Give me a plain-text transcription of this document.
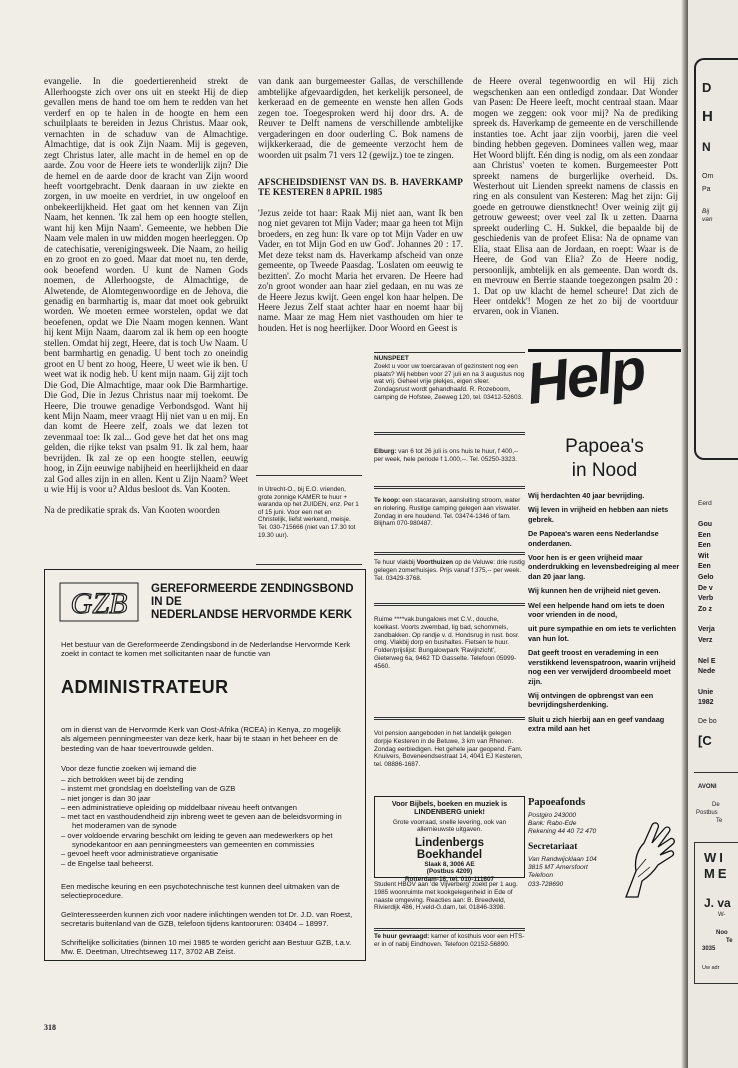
evangelie. In die goedertierenheid strekt de Allerhoogste zich over ons uit en steekt Hij de diep gevallen mens de hand toe om hem te redden van het verderf en op te halen in de hoogte en hem een schuilplaats te bereiden in Jezus Christus. Maar ook, vernachten in de schaduw van de Almachtige. Almachtige, dat is ook Zijn Naam. Mij is gegeven, zegt Christus later, alle macht in de hemel en op de aarde. Zou voor de Heere iets te wonderlijk zijn? Die de hemel en de aarde door de kracht van Zijn woord heeft voortgebracht. Denk daaraan in uw ziekte en zorgen, in uw moeite en verdriet, in uw ongeloof en onbekeerlijkheid. Het gaat om het kennen van Zijn Naam, het kennen. 'Ik zal hem op een hoogte stellen, want hij ken Mijn Naam'. Gemeente, we hebben Die Naam vele malen in uw midden mogen heerleggen. Op de catechisatie, verenigingsweek. Die Naam, zo heilig en zo groot en zo goed. Maar dat moet nu, ten derde, ook beoefend worden. U kunt de Namen Gods noemen, de Allerhoogste, de Almachtige, de Alwetende, de Alomtegenwoordige en de Jehova, die genadig en barmhartig is, maar dat moet ook gebruikt worden. We moeten ermee worstelen, opdat we dat beoefenen, opdat we Die Naam mogen kennen. Want hij kent Mijn Naam, daarom zal ik hem op een hoogte stellen. Omdat hij zegt, Heere, dat is toch Uw Naam. U bent barmhartig en genadig. U bent toch zo oneindig groot en U bent zo hoog, Heere, U weet wie ik ben. U weet wat ik nodig heb. U kent mijn naam. Gij zijt toch Die God, Die Almachtige, maar ook Die Barmhartige. Die God, Die in Jezus Christus naar mij toekomt. De Heere, Die trouwe genadige Verbondsgod. Want hij kent Mijn Naam, meer vraagt Hij niet van u en mij. En dan komt de Heere zelf, zoals we dat lezen tot zevenmaal toe: Ik zal... God geve het dat het ons mag gelden, die rijke tekst van psalm 91. Ik zal hem, haar bevrijden. Ik zal ze op een hoogte stellen, eeuwig hoog, in Zijn eeuwige nabijheid en heerlijkheid en daar zal God alles zijn in en allen. Kent u Zijn Naam? Weet u wie Hij is voor u? Aldus besloot ds. Van Kooten.

Na de predikatie sprak ds. Van Kooten woorden

van dank aan burgemeester Gallas, de verschillende ambtelijke afgevaardigden, het kerkelijk personeel, de kerkeraad en de gemeente en wenste hen allen Gods zegen toe. Toegesproken werd hij door drs. A. de Reuver te Delft namens de verschillende ambtelijke vergaderingen en door ouderling C. Bok namens de wijkkerkeraad, die de gemeente verzocht hem de woorden uit psalm 71 vers 12 (gewijz.) toe te zingen.

AFSCHEIDSDIENST VAN DS. B. HAVERKAMP TE KESTEREN 8 APRIL 1985

'Jezus zeide tot haar: Raak Mij niet aan, want Ik ben nog niet gevaren tot Mijn Vader; maar ga heen tot Mijn broeders, en zeg hun: Ik vare op tot Mijn Vader en uw Vader, en tot Mijn God en uw God'. Johannes 20 : 17. Met deze tekst nam ds. Haverkamp afscheid van onze gemeente, op Tweede Paasdag. 'Loslaten om eeuwig te bezitten'. Zo mocht Maria het ervaren. De Heere had zo'n groot wonder aan haar ziel gedaan, en nu was ze de Heere Jezus kwijt. Geen engel kon haar helpen. De Heere Jezus Zelf staat achter haar en noemt haar bij name. Maar ze mag Hem niet vasthouden om hier te houden. Het is nog heerlijker. Door Woord en Geest is

de Heere overal tegenwoordig en wil Hij zich wegschenken aan een ontledigd zondaar. Dat Wonder van Pasen: De Heere leeft, mocht centraal staan. Maar mogen we zeggen: ook voor mij? Na de prediking spreek ds. Haverkamp de gemeente en de verschillende instanties toe. Acht jaar zijn voorbij, jaren die veel binding hebben gegeven. Dominees vallen weg, maar Het Woord blijft. Eén ding is nodig, om als een zondaar aan Christus' voeten te komen. Burgemeester Pott spreekt namens de burgerlijke overheid. Ds. Westerhout uit Lienden spreekt namens de classis en ring en als consulent van Kesteren: Mag het zijn: Gij goede en getrouwe dienstknecht! Over weinig zijt gij getrouw geweest; over veel zal Ik u zetten. Daarna spreekt ouderling C. H. Sukkel, die bepaalde bij de geschiedenis van de profeet Elisa: Na de opname van Elia, staat Elisa aan de Jordaan, en roept: Waar is de Heere, de God van Elia? Zo de Heere nodig, persoonlijk, ambtelijk en als gemeente. Dan wordt ds. en mevrouw en Berrie staande toegezongen psalm 20 : 1. Dat op uw klacht de hemel scheure! Dat zich de Heer ontdekk'! Mogen ze het zo bij de voortduur ervaren, ook in Vianen.

In Utrecht-O., bij E.O. vrienden, grote zonnige KAMER te huur + waranda op het ZUIDEN, enz. Per 1 of 15 juni. Voor een net en Christelijk, liefst werkend, meisje. Tel. 030-715666 (niet van 17.30 tot 19.30 uur).
NUNSPEET
Zoekt u voor uw toercaravan of gezinstent nog een plaats? Wij hebben voor 27 juli en na 3 augustus nog wat vrij. Geheel vrije plekjes, eigen sfeer. Zondagsrust wordt gehandhaafd. R. Rozeboom, camping de Hofstee, Zeeweg 120, tel. 03412-52603.
Elburg: van 6 tot 26 juli is ons huis te huur, f 400,-- per week, hele periode f 1.000,--. Tel. 05250-3323.
Te koop: een stacaravan, aansluiting stroom, water en riolering. Rustige camping gelegen aan viswater. Zondag in ere houdend. Tel. 03474-1346 of fam. Blijham 070-980487.
Te huur vlakbij Voorthuizen op de Veluwe: drie rustig gelegen zomerhuisjes. Prijs vanaf f 375,-- per week. Tel. 03429-3768.
Ruime ****vak.bungalows met C.V., douche, koelkast. Voorts zwembad, lig bad, schommels, zandbakken. Op randje v. d. Hondsrug in rust. bosr. omg. Vlakbij dorp en bushaltes. Fietsen te huur. Folder/prijslijst: Bungalowpark 'Ravijnzicht', Gieterweg 6a, 9462 TD Gasselte. Telefoon 05999-4560.
Vol pension aangeboden in het landelijk gelegen dorpje Kesteren in de Betuwe, 3 km van Rhenen. Zondag eerbiedigen. Het gehele jaar geopend. Fam. Knuivers, Boveneendsestraat 14, 4041 EJ Kesteren, tel. 08886-1687.
Voor Bijbels, boeken en muziek is LINDENBERG uniek!
Grote voorraad, snelle levering, ook van allernieuwste uitgaven.
Lindenbergs
Boekhandel
Slaak 8, 3006 AE
(Postbus 4209)
Rotterdam-16, tel. 010-111607
Student HBOV aan 'de Vijverberg' zoekt per 1 aug. 1985 woonruimte met kookgelegenheid in Ede of naaste omgeving. Reacties aan: B. Breedveld, Rivierdijk 486, H.veld-G.dam, tel. 01846-3398.
Te huur gevraagd: kamer of kosthuis voor een HTS-er in of nabij Eindhoven. Telefoon 02152-56890.
GZB GEREFORMEERDE ZENDINGSBOND
IN DE
NEDERLANDSE HERVORMDE KERK
Het bestuur van de Gereformeerde Zendingsbond in de Nederlandse Hervormde Kerk zoekt in contact te komen met sollicitanten naar de functie van
ADMINISTRATEUR
om in dienst van de Hervormde Kerk van Oost-Afrika (RCEA) in Kenya, zo mogelijk als algemeen penningmeester van deze kerk, haar bij te staan in het beheer en de besteding van de haar toevertrouwde gelden.
Voor deze functie zoeken wij iemand die
– zich betrokken weet bij de zending
– instemt met grondslag en doelstelling van de GZB
– niet jonger is dan 30 jaar
– een administratieve opleiding op middelbaar niveau heeft ontvangen
– met tact en vasthoudendheid zijn inbreng weet te geven aan de beleidsvorming in het moderamen van de synode
– over voldoende ervaring beschikt om leiding te geven aan medewerkers op het synodekantoor en aan penningmeesters van gemeenten en commissies
– gevoel heeft voor administratieve organisatie
– de Engelse taal beheerst.
Een medische keuring en een psychotechnische test kunnen deel uitmaken van de selectieprocedure.
Geïnteresseerden kunnen zich voor nadere inlichtingen wenden tot Dr. J.D. van Roest, secretaris buitenland van de GZB, telefoon tijdens kantooruren: 03404 – 18997.
Schriftelijke sollicitaties (binnen 10 mei 1985 te worden gericht aan Bestuur GZB, t.a.v. Mw. E. Deetman, Utrechtseweg 117, 3702 AB Zeist.
Help
Papoea's
in Nood
Wij herdachten 40 jaar bevrijding.
Wij leven in vrijheid en hebben aan niets gebrek.
De Papoea's waren eens Nederlandse onderdanen.
Voor hen is er geen vrijheid maar onderdrukking en levensbedreiging al meer dan 20 jaar lang.
Wij kunnen hen de vrijheid niet geven.
Wel een helpende hand om iets te doen voor vrienden in de nood,
uit pure sympathie en om iets te verlichten van hun lot.
Dat geeft troost en verademing in een verstikkend levenspatroon, waarin vrijheid nog een ver verwijderd droombeeld moet zijn.
Wij ontvingen de opbrengst van een bevrijdingsherdenking.
Sluit u zich hierbij aan en geef vandaag extra mild aan het
Papoeafonds
Postgiro 243000
Bank: Rabo-Ede
Rekening 44 40 72 470
Secretariaat
Van Randwijcklaan 104
3815 MT Amersfoort
Telefoon
033-728690
318
D
H
N
Om
Pa
Bij
van
Eerd
Gou
Een
Een
Wit
Een
Gelo
De v
Verb
Zo z
Verja
Verz
Nel E
Nede
Unie
1982
De bo
[C
AVONI
De
Postbus
Te
WI
ME
J. va
W-
Noo
Te
3035
Uw adr
